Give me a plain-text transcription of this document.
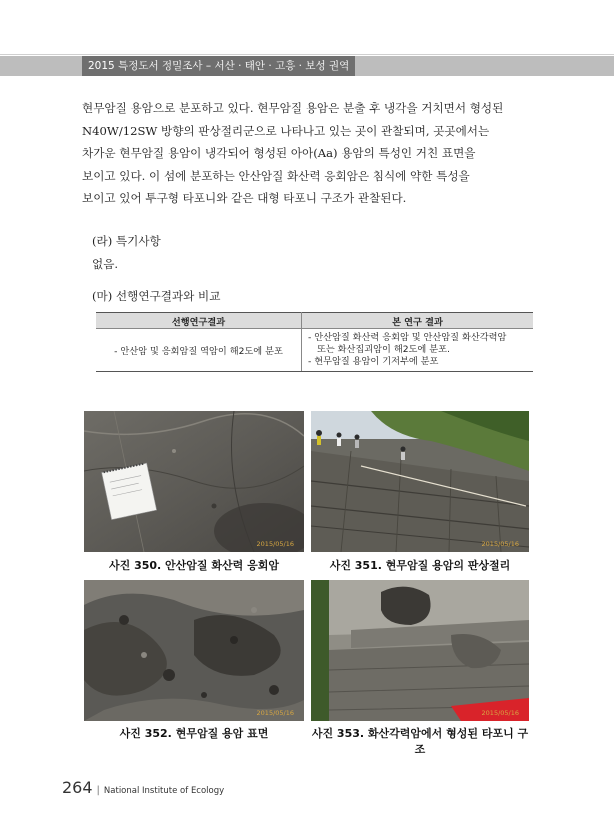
2015 특정도서 정밀조사 – 서산 · 태안 · 고흥 · 보성 권역

현무암질 용암으로 분포하고 있다. 현무암질 용암은 분출 후 냉각을 거치면서 형성된

N40W/12SW 방향의 판상절리군으로 나타나고 있는 곳이 관찰되며, 곳곳에서는

차가운 현무암질 용암이 냉각되어 형성된 아아(Aa) 용암의 특성인 거친 표면을

보이고 있다. 이 섬에 분포하는 안산암질 화산력 응회암은 침식에 약한 특성을

보이고 있어 투구형 타포니와 같은 대형 타포니 구조가 관찰된다.

(라) 특기사항
없음.
(마) 선행연구결과와 비교
선행연구결과	본 연구 결과
- 안산암 및 응회암질 역암이 해2도에 분포	- 안산암질 화산력 응회암 및 안산암질 화산각력암
또는 화산집괴암이 해2도에 분포.
- 현무암질 용암이 기저부에 분포
2015/05/16	2015/05/16
2015/05/16	2015/05/16
사진 350. 안산암질 화산력 응회암	사진 351. 현무암질 용암의 판상절리
사진 352. 현무암질 용암 표면	사진 353. 화산각력암에서 형성된 타포니 구조
264 | National Institute of Ecology
